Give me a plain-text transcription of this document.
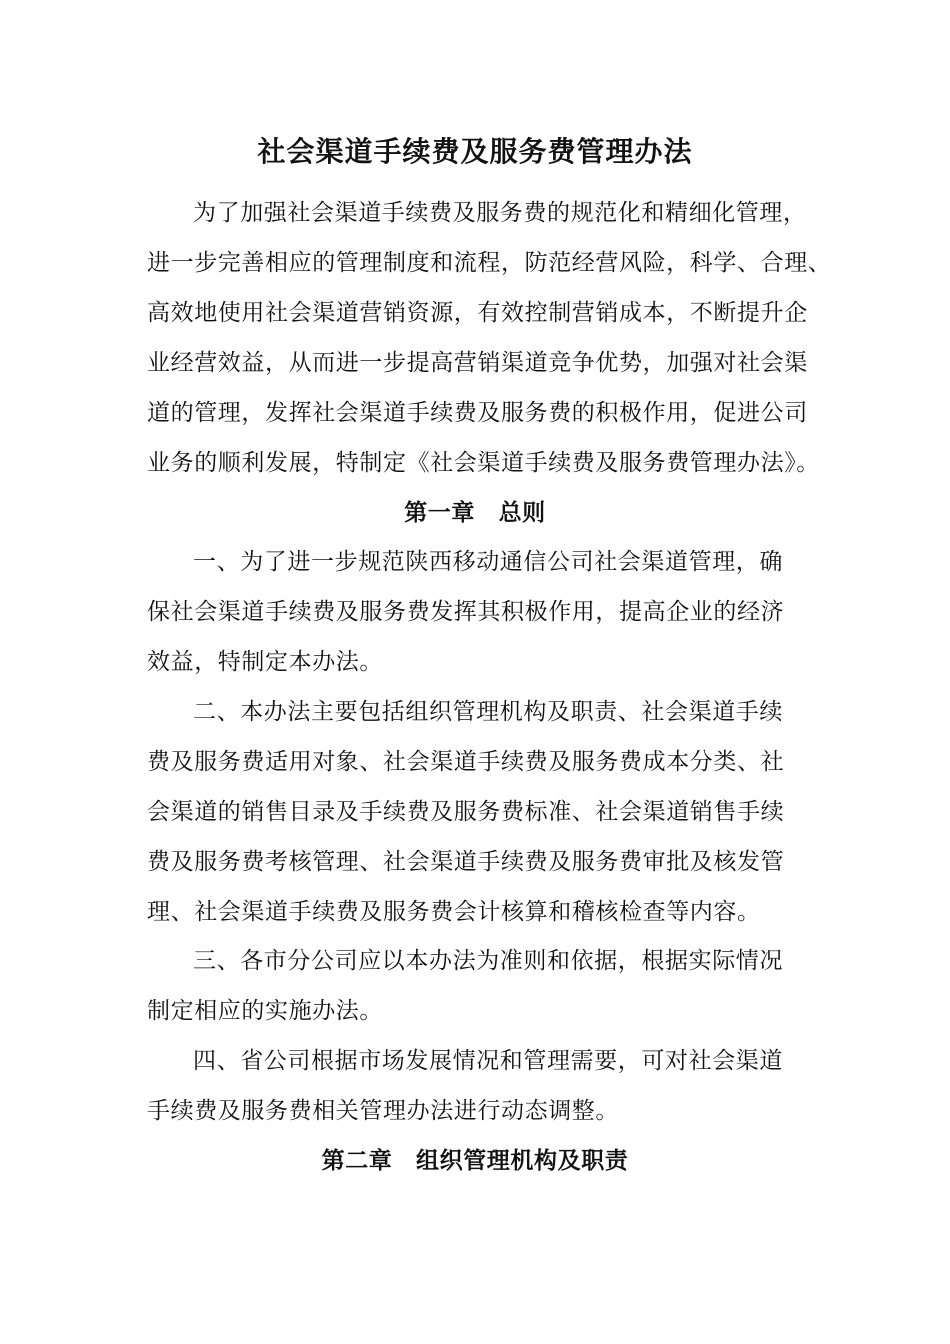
社会渠道手续费及服务费管理办法
为了加强社会渠道手续费及服务费的规范化和精细化管理，
进一步完善相应的管理制度和流程，防范经营风险，科学、合理、
高效地使用社会渠道营销资源，有效控制营销成本，不断提升企
业经营效益，从而进一步提高营销渠道竞争优势，加强对社会渠
道的管理，发挥社会渠道手续费及服务费的积极作用，促进公司
业务的顺利发展，特制定《社会渠道手续费及服务费管理办法》。
第一章　总则
一、为了进一步规范陕西移动通信公司社会渠道管理，确
保社会渠道手续费及服务费发挥其积极作用，提高企业的经济
效益，特制定本办法。
二、本办法主要包括组织管理机构及职责、社会渠道手续
费及服务费适用对象、社会渠道手续费及服务费成本分类、社
会渠道的销售目录及手续费及服务费标准、社会渠道销售手续
费及服务费考核管理、社会渠道手续费及服务费审批及核发管
理、社会渠道手续费及服务费会计核算和稽核检查等内容。
三、各市分公司应以本办法为准则和依据，根据实际情况
制定相应的实施办法。
四、省公司根据市场发展情况和管理需要，可对社会渠道
手续费及服务费相关管理办法进行动态调整。
第二章　组织管理机构及职责
